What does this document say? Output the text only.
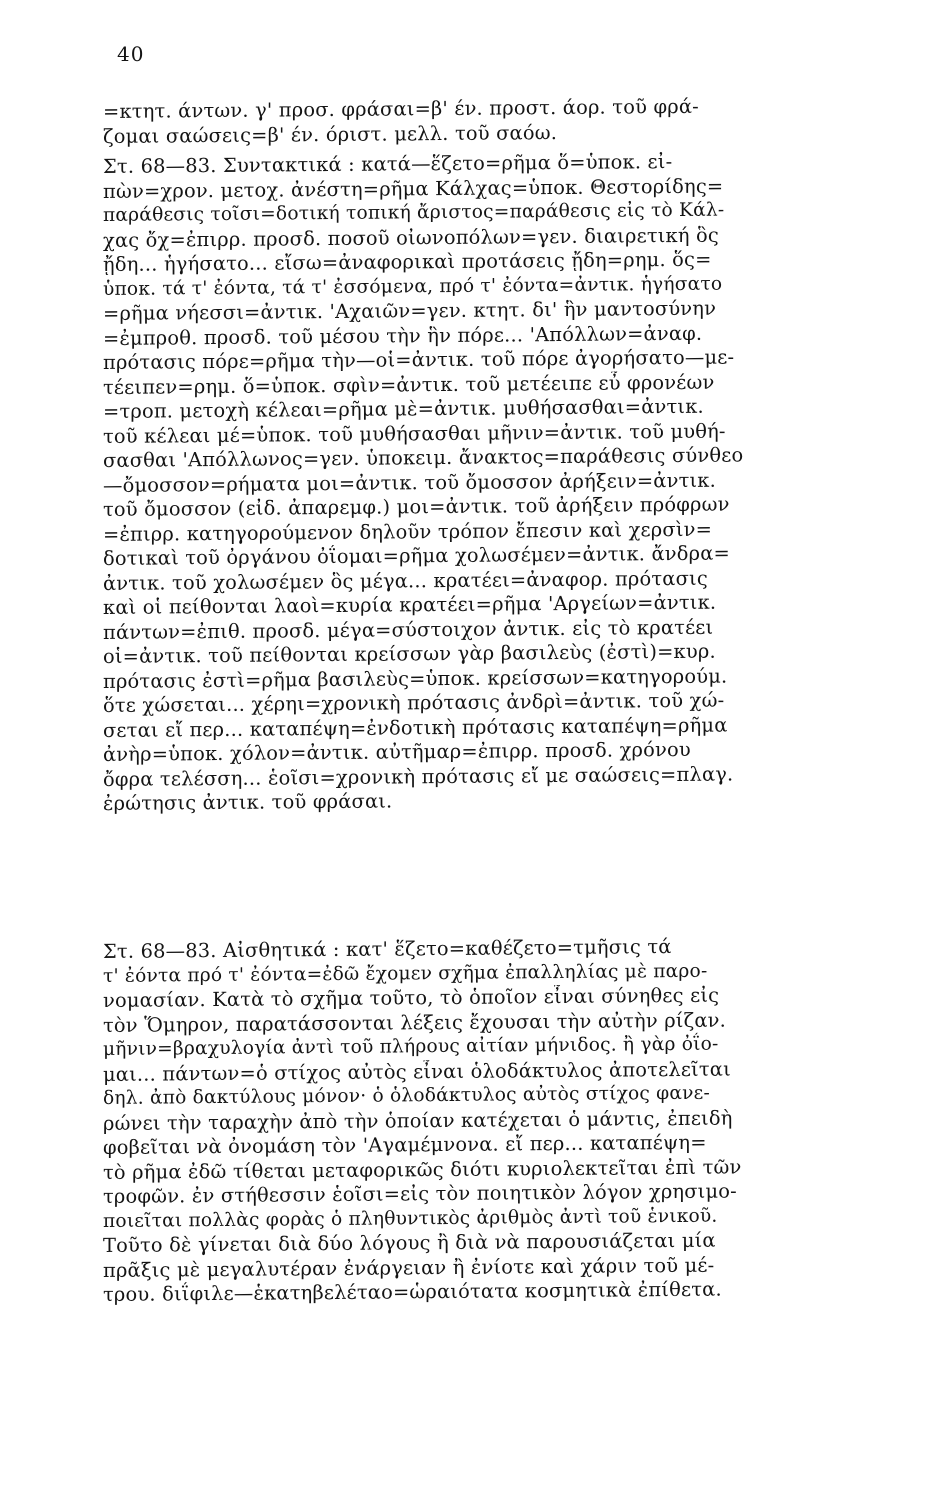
40
=κτητ. άντων. γ' προσ. φράσαι=β' έν. προστ. άορ. τοῦ φρά-
ζομαι σαώσεις=β' έν. όριστ. μελλ. τοῦ σαόω.
Στ. 68—83. Συντακτικά : κατά—ἕζετο=ρῆμα ὅ=ὑποκ. εἰ-
πὼν=χρον. μετοχ. ἀνέστη=ρῆμα Κάλχας=ὑποκ. Θεστορίδης=
παράθεσις τοῖσι=δοτική τοπική ἄριστος=παράθεσις εἰς τὸ Κάλ-
χας ὄχ=ἐπιρρ. προσδ. ποσοῦ οἰωνοπόλων=γεν. διαιρετική ὃς
ᾔδη... ἡγήσατο... εἴσω=ἀναφορικαὶ προτάσεις ᾔδη=ρημ. ὅς=
ὑποκ. τά τ' ἐόντα, τά τ' ἐσσόμενα, πρό τ' ἐόντα=ἀντικ. ἡγήσατο
=ρῆμα νήεσσι=ἀντικ. 'Αχαιῶν=γεν. κτητ. δι' ἣν μαντοσύνην
=ἐμπροθ. προσδ. τοῦ μέσου τὴν ἣν πόρε... 'Απόλλων=ἀναφ.
πρότασις πόρε=ρῆμα τὴν—οἱ=ἀντικ. τοῦ πόρε ἀγορήσατο—με-
τέειπεν=ρημ. ὅ=ὑποκ. σφὶν=ἀντικ. τοῦ μετέειπε εὖ φρονέων
=τροπ. μετοχὴ κέλεαι=ρῆμα μὲ=ἀντικ. μυθήσασθαι=ἀντικ.
τοῦ κέλεαι μέ=ὑποκ. τοῦ μυθήσασθαι μῆνιν=ἀντικ. τοῦ μυθή-
σασθαι 'Απόλλωνος=γεν. ὑποκειμ. ἄνακτος=παράθεσις σύνθεο
—ὄμοσσον=ρήματα μοι=ἀντικ. τοῦ ὄμοσσον ἀρήξειν=ἀντικ.
τοῦ ὄμοσσον (εἰδ. ἀπαρεμφ.) μοι=ἀντικ. τοῦ ἀρήξειν πρόφρων
=ἐπιρρ. κατηγορούμενον δηλοῦν τρόπον ἔπεσιν καὶ χερσὶν=
δοτικαὶ τοῦ ὀργάνου ὀΐομαι=ρῆμα χολωσέμεν=ἀντικ. ἄνδρα=
ἀντικ. τοῦ χολωσέμεν ὃς μέγα... κρατέει=ἀναφορ. πρότασις
καὶ οἱ πείθονται λαοὶ=κυρία κρατέει=ρῆμα 'Αργείων=ἀντικ.
πάντων=ἐπιθ. προσδ. μέγα=σύστοιχον ἀντικ. εἰς τὸ κρατέει
οἱ=ἀντικ. τοῦ πείθονται κρείσσων γὰρ βασιλεὺς (ἐστὶ)=κυρ.
πρότασις ἐστὶ=ρῆμα βασιλεὺς=ὑποκ. κρείσσων=κατηγορούμ.
ὅτε χώσεται... χέρηι=χρονικὴ πρότασις ἀνδρὶ=ἀντικ. τοῦ χώ-
σεται εἴ περ... καταπέψη=ἐνδοτικὴ πρότασις καταπέψη=ρῆμα
ἀνὴρ=ὑποκ. χόλον=ἀντικ. αὐτῆμαρ=ἐπιρρ. προσδ. χρόνου
ὄφρα τελέσση... ἑοῖσι=χρονικὴ πρότασις εἴ με σαώσεις=πλαγ.
ἐρώτησις ἀντικ. τοῦ φράσαι.
Στ. 68—83. Αἰσθητικά : κατ' ἕζετο=καθέζετο=τμῆσις τά
τ' ἐόντα πρό τ' ἐόντα=ἐδῶ ἔχομεν σχῆμα ἐπαλληλίας μὲ παρο-
νομασίαν. Κατὰ τὸ σχῆμα τοῦτο, τὸ ὁποῖον εἶναι σύνηθες εἰς
τὸν Ὅμηρον, παρατάσσονται λέξεις ἔχουσαι τὴν αὐτὴν ρίζαν.
μῆνιν=βραχυλογία ἀντὶ τοῦ πλήρους αἰτίαν μήνιδος. ἢ γὰρ ὀΐο-
μαι... πάντων=ὁ στίχος αὐτὸς εἶναι ὁλοδάκτυλος ἀποτελεῖται
δηλ. ἀπὸ δακτύλους μόνον· ὁ ὁλοδάκτυλος αὐτὸς στίχος φανε-
ρώνει τὴν ταραχὴν ἀπὸ τὴν ὁποίαν κατέχεται ὁ μάντις, ἐπειδὴ
φοβεῖται νὰ ὀνομάση τὸν 'Αγαμέμνονα. εἴ περ... καταπέψη=
τὸ ρῆμα ἐδῶ τίθεται μεταφορικῶς διότι κυριολεκτεῖται ἐπὶ τῶν
τροφῶν. ἐν στήθεσσιν ἑοῖσι=εἰς τὸν ποιητικὸν λόγον χρησιμο-
ποιεῖται πολλὰς φορὰς ὁ πληθυντικὸς ἀριθμὸς ἀντὶ τοῦ ἑνικοῦ.
Τοῦτο δὲ γίνεται διὰ δύο λόγους ἢ διὰ νὰ παρουσιάζεται μία
πρᾶξις μὲ μεγαλυτέραν ἐνάργειαν ἢ ἐνίοτε καὶ χάριν τοῦ μέ-
τρου. διΐφιλε—ἑκατηβελέταο=ὡραιότατα κοσμητικὰ ἐπίθετα.
